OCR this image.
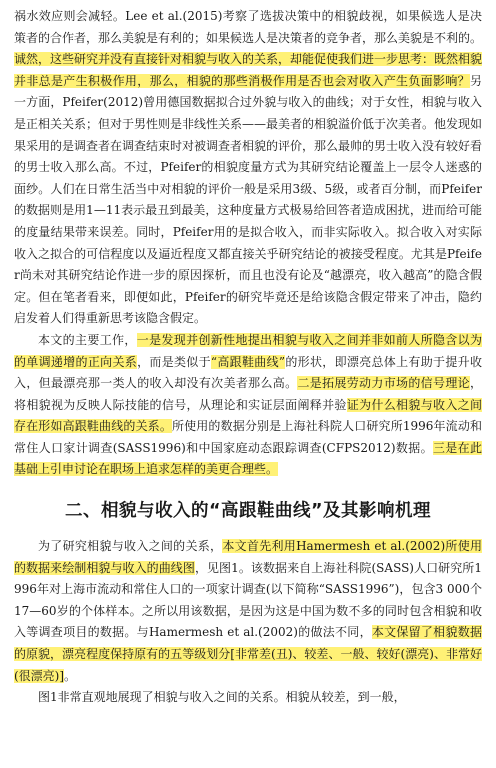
祸水效应则会减轻。Lee et al.(2015)考察了选拔决策中的相貌歧视，如果候选人是决策者的合作者，那么美貌是有利的；如果候选人是决策者的竞争者，那么美貌是不利的。诚然，这些研究并没有直接针对相貌与收入的关系，却能促使我们进一步思考：既然相貌并非总是产生积极作用，那么，相貌的那些消极作用是否也会对收入产生负面影响？另一方面，Pfeifer(2012)曾用德国数据拟合过外貌与收入的曲线；对于女性，相貌与收入是正相关关系；但对于男性则是非线性关系——最美者的相貌溢价低于次美者。他发现如果采用的是调查者在调查结束时对被调查者相貌的评价，那么最帅的男士收入没有较好看的男士收入那么高。不过，Pfeifer的相貌度量方式为其研究结论覆盖上一层令人迷惑的面纱。人们在日常生活当中对相貌的评价一般是采用3级、5级，或者百分制，而Pfeifer的数据则是用1—11表示最丑到最美，这种度量方式极易给回答者造成困扰，进而给可能的度量结果带来误差。同时，Pfeifer用的是拟合收入，而非实际收入。拟合收入对实际收入之拟合的可信程度以及逼近程度又都直接关乎研究结论的被接受程度。尤其是Pfeifer尚未对其研究结论作进一步的原因探析，而且也没有论及“越漂亮，收入越高”的隐含假定。但在笔者看来，即便如此，Pfeifer的研究毕竟还是给该隐含假定带来了冲击，隐约启发着人们得重新思考该隐含假定。

本文的主要工作，一是发现并创新性地提出相貌与收入之间并非如前人所隐含以为的单调递增的正向关系，而是类似于“高跟鞋曲线”的形状，即漂亮总体上有助于提升收入，但最漂亮那一类人的收入却没有次美者那么高。二是拓展劳动力市场的信号理论，将相貌视为反映人际技能的信号，从理论和实证层面阐释并验证为什么相貌与收入之间存在形如高跟鞋曲线的关系。所使用的数据分别是上海社科院人口研究所1996年流动和常住人口家计调查(SASS1996)和中国家庭动态跟踪调查(CFPS2012)数据。三是在此基础上引申讨论在职场上追求怎样的美更合理些。

二、相貌与收入的“高跟鞋曲线”及其影响机理

为了研究相貌与收入之间的关系，本文首先利用Hamermesh et al.(2002)所使用的数据来绘制相貌与收入的曲线图，见图1。该数据来自上海社科院(SASS)人口研究所1996年对上海市流动和常住人口的一项家计调查(以下简称“SASS1996”)，包含3 000个17—60岁的个体样本。之所以用该数据，是因为这是中国为数不多的同时包含相貌和收入等调查项目的数据。与Hamermesh et al.(2002)的做法不同，本文保留了相貌数据的原貌，漂亮程度保持原有的五等级划分[非常差(丑)、较差、一般、较好(漂亮)、非常好(很漂亮)]。

图1非常直观地展现了相貌与收入之间的关系。相貌从较差，到一般，
